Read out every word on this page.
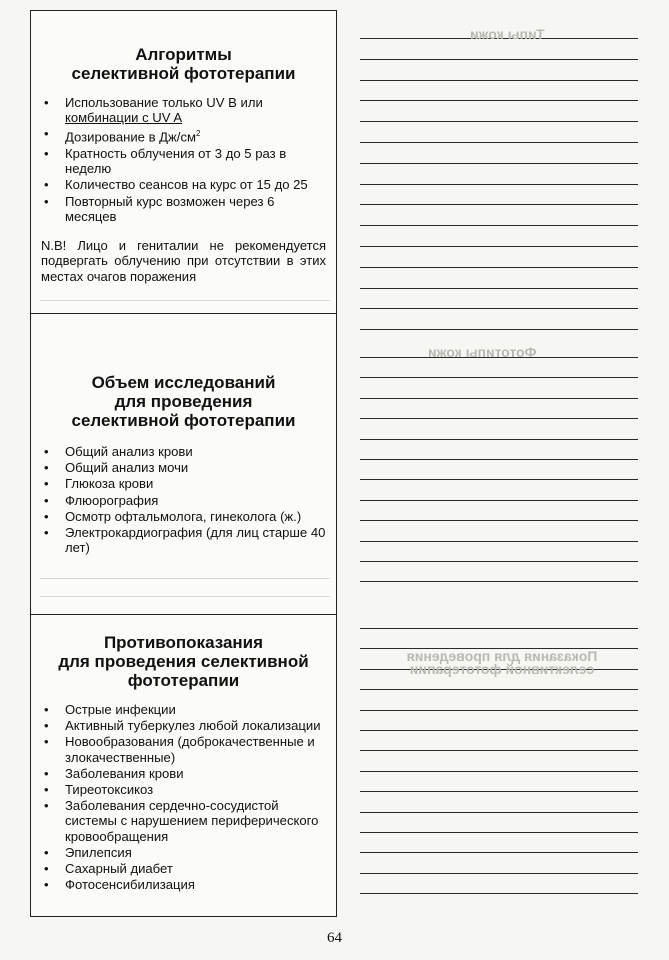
Алгоритмы
селективной фототерапии
• Использование только UV B или комбинации с UV A
• Дозирование в $Дж/см^2$
• Кратность облучения от 3 до 5 раз в неделю
• Количество сеансов на курс от 15 до 25
• Повторный курс возможен через 6 месяцев
N.B! Лицо и гениталии не рекомендуется подвергать облучению при отсутствии в этих местах очагов поражения
Объем исследований
для проведения
селективной фототерапии
• Общий анализ крови
• Общий анализ мочи
• Глюкоза крови
• Флюорография
• Осмотр офтальмолога, гинеколога (ж.)
• Электрокардиография (для лиц старше 40 лет)
Противопоказания
для проведения селективной
фототерапии
• Острые инфекции
• Активный туберкулез любой локализации
• Новообразования (доброкачественные и злокачественные)
• Заболевания крови
• Тиреотоксикоз
• Заболевания сердечно-сосудистой системы с нарушением периферического кровообращения
• Эпилепсия
• Сахарный диабет
• Фотосенсибилизация
Типы кожи
Фототипы кожи
Показания для проведения селективной фототерапии
64
